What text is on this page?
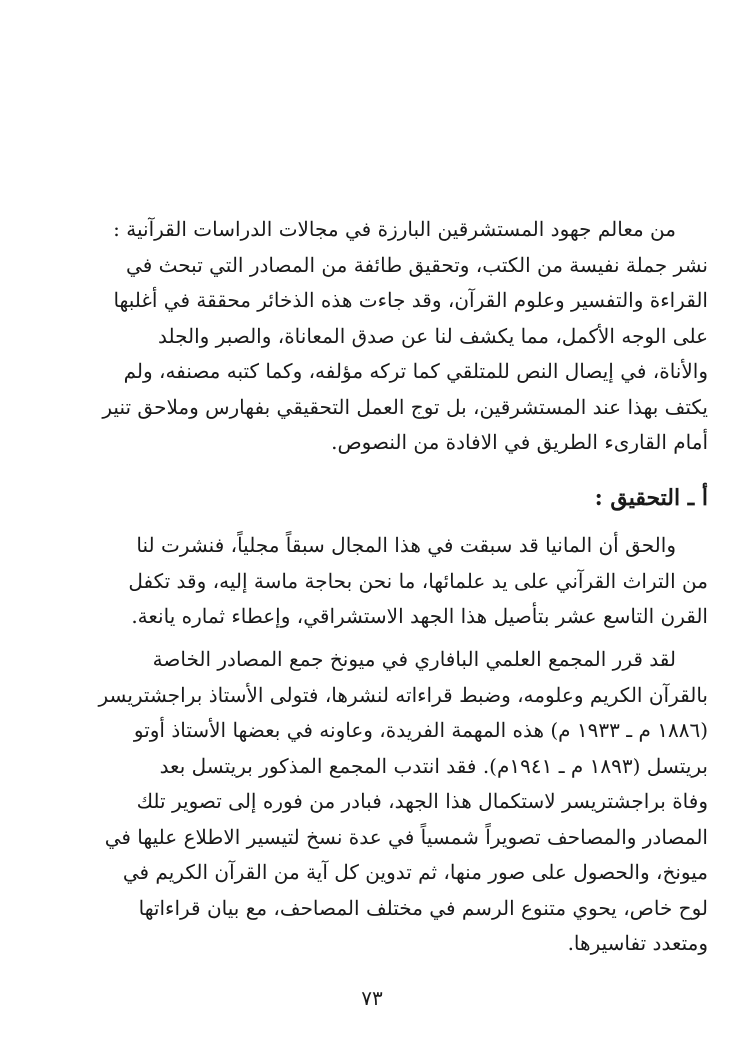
من معالم جهود المستشرقين البارزة في مجالات الدراسات القرآنية :
نشر جملة نفيسة من الكتب، وتحقيق طائفة من المصادر التي تبحث في
القراءة والتفسير وعلوم القرآن، وقد جاءت هذه الذخائر محققة في أغلبها
على الوجه الأكمل، مما يكشف لنا عن صدق المعاناة، والصبر والجلد
والأناة، في إيصال النص للمتلقي كما تركه مؤلفه، وكما كتبه مصنفه، ولم
يكتف بهذا عند المستشرقين، بل توج العمل التحقيقي بفهارس وملاحق تنير
أمام القارىء الطريق في الافادة من النصوص.
أ ـ التحقيق :
والحق أن المانيا قد سبقت في هذا المجال سبقاً مجلياً، فنشرت لنا
من التراث القرآني على يد علمائها، ما نحن بحاجة ماسة إليه، وقد تكفل
القرن التاسع عشر بتأصيل هذا الجهد الاستشراقي، وإعطاء ثماره يانعة.
لقد قرر المجمع العلمي البافاري في ميونخ جمع المصادر الخاصة
بالقرآن الكريم وعلومه، وضبط قراءاته لنشرها، فتولى الأستاذ براجشتريسر
(١٨٨٦ م ـ ١٩٣٣ م) هذه المهمة الفريدة، وعاونه في بعضها الأستاذ أوتو
بريتسل (١٨٩٣ م ـ ١٩٤١م). فقد انتدب المجمع المذكور بريتسل بعد
وفاة براجشتريسر لاستكمال هذا الجهد، فبادر من فوره إلى تصوير تلك
المصادر والمصاحف تصويراً شمسياً في عدة نسخ لتيسير الاطلاع عليها في
ميونخ، والحصول على صور منها، ثم تدوين كل آية من القرآن الكريم في
لوح خاص، يحوي متنوع الرسم في مختلف المصاحف، مع بيان قراءاتها
ومتعدد تفاسيرها.
٧٣
